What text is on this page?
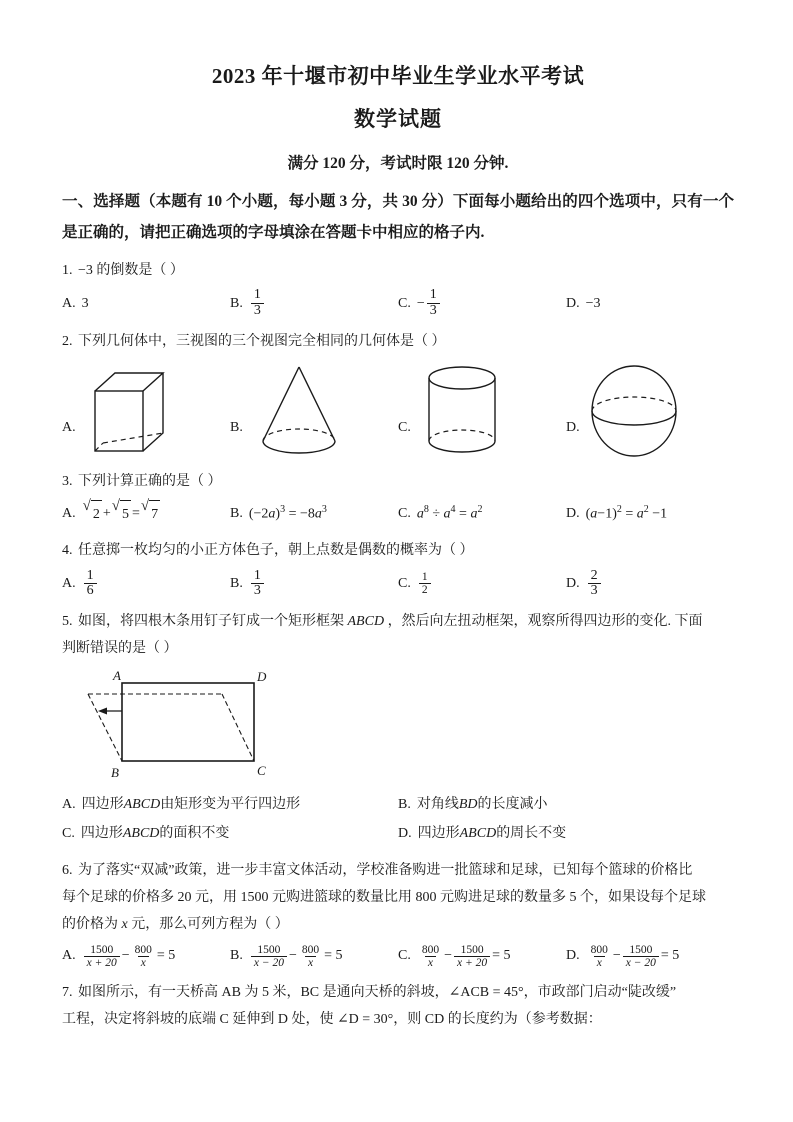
2023 年十堰市初中毕业生学业水平考试
数学试题
满分 120 分，考试时限 120 分钟.
一、选择题（本题有 10 个小题，每小题 3 分，共 30 分）下面每小题给出的四个选项中，只有一个是正确的，请把正确选项的字母填涂在答题卡中相应的格子内.
1. −3 的倒数是（ ）
A. 3	B. $\frac{1}{3}$	C. − $\frac{1}{3}$	D. −3
2. 下列几何体中，三视图的三个视图完全相同的几何体是（ ）
A.	B.	C.	D.
3. 下列计算正确的是（ ）
A. √
2 + √
5 = √
7	B. $(-2a)^3 = -8a^3$	C. $a^8 \div a^4 = a^2$	D. $(a-1)^2 = a^2 -1$
4. 任意掷一枚均匀的小正方体色子，朝上点数是偶数的概率为（ ）
A. $\frac{1}{6}$	B. $\frac{1}{3}$	C. $\frac{1}{2}$	D. $\frac{2}{3}$
5. 如图，将四根木条用钉子钉成一个矩形框架 ABCD ，然后向左扭动框架，观察所得四边形的变化. 下面
判断错误的是（ ）
A
B	C
D
A. 四边形 ABCD 由矩形变为平行四边形	B. 对角线 BD 的长度减小
C. 四边形 ABCD 的面积不变	D. 四边形 ABCD 的周长不变
6. 为了落实“双减”政策，进一步丰富文体活动，学校准备购进一批篮球和足球，已知每个篮球的价格比
每个足球的价格多 20 元，用 1500 元购进篮球的数量比用 800 元购进足球的数量多 5 个，如果设每个足球
的价格为 x 元，那么可列方程为（ ）
A. $\frac{1500}{x + 20} - \frac{800}{x} = 5$	B. $\frac{1500}{x - 20} - \frac{800}{x} = 5$	C. $\frac{800}{x} - \frac{1500}{x + 20} = 5$	D. $\frac{800}{x} - \frac{1500}{x - 20} = 5$
7. 如图所示，有一天桥高 AB 为 5 米，BC 是通向天桥的斜坡，∠ACB = 45°，市政部门启动“陡改缓”
工程，决定将斜坡的底端 C 延伸到 D 处，使 ∠D = 30°，则 CD 的长度约为（参考数据：
